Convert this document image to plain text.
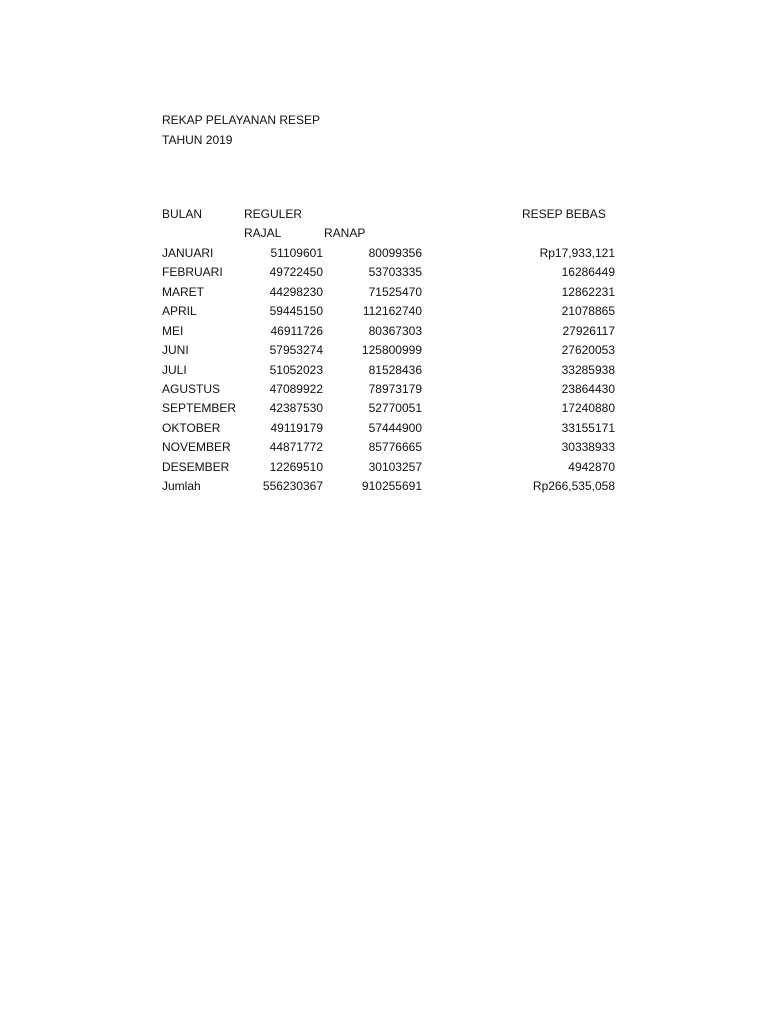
REKAP PELAYANAN RESEP
TAHUN 2019
BULAN	REGULER	RESEP BEBAS
RAJAL	RANAP
JANUARI	51109601	80099356	Rp17,933,121
FEBRUARI	49722450	53703335	16286449
MARET	44298230	71525470	12862231
APRIL	59445150	112162740	21078865
MEI	46911726	80367303	27926117
JUNI	57953274	125800999	27620053
JULI	51052023	81528436	33285938
AGUSTUS	47089922	78973179	23864430
SEPTEMBER	42387530	52770051	17240880
OKTOBER	49119179	57444900	33155171
NOVEMBER	44871772	85776665	30338933
DESEMBER	12269510	30103257	4942870
Jumlah	556230367	910255691	Rp266,535,058
